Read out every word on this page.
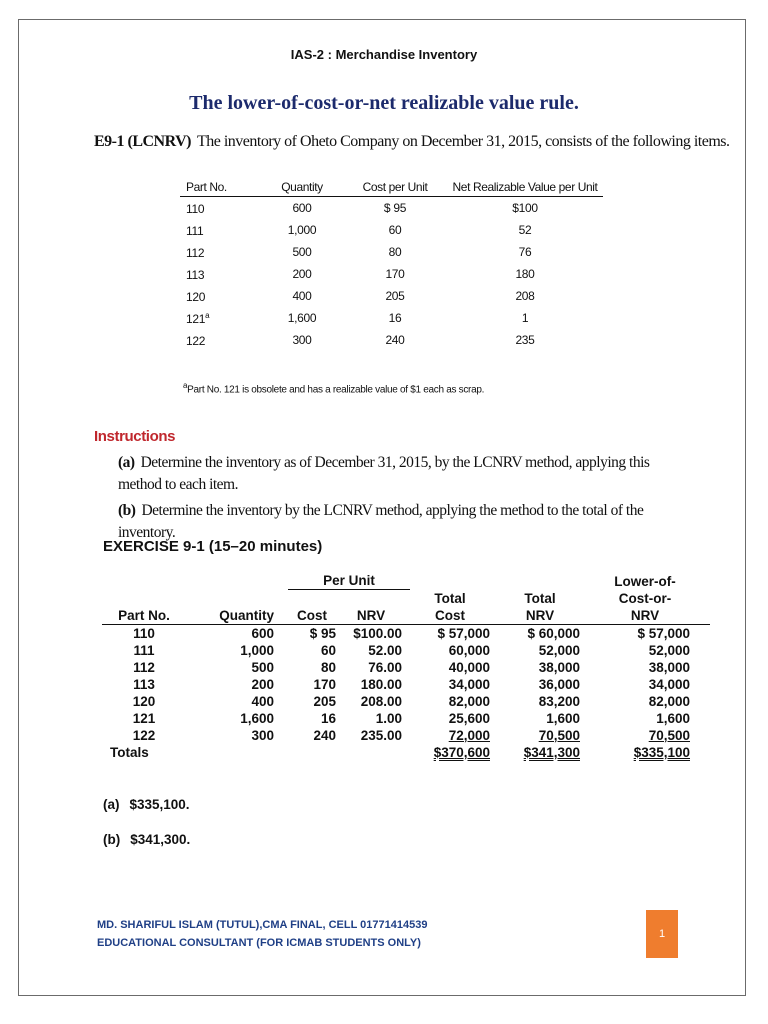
IAS-2 : Merchandise Inventory
The lower-of-cost-or-net realizable value rule.
E9-1 (LCNRV) The inventory of Oheto Company on December 31, 2015, consists of the following items.
Part No.	Quantity	Cost per Unit	Net Realizable Value per Unit
110	600	$ 95	$100
111	1,000	60	52
112	500	80	76
113	200	170	180
120	400	205	208
121$^a$	1,600	16	1
122	300	240	235
$^a$Part No. 121 is obsolete and has a realizable value of $1 each as scrap.
Instructions
(a) Determine the inventory as of December 31, 2015, by the LCNRV method, applying this method to each item.
(b) Determine the inventory by the LCNRV method, applying the method to the total of the inventory.
EXERCISE 9-1 (15–20 minutes)
		Per Unit				Lower-of-
				Total	Total	Cost-or-
Part No.	Quantity	Cost	NRV	Cost	NRV	NRV
110	600	$ 95	$100.00	$ 57,000	$ 60,000	$ 57,000
111	1,000	60	52.00	60,000	52,000	52,000
112	500	80	76.00	40,000	38,000	38,000
113	200	170	180.00	34,000	36,000	34,000
120	400	205	208.00	82,000	83,200	82,000
121	1,600	16	1.00	25,600	1,600	1,600
122	300	240	235.00	72,000	70,500	70,500
Totals				$370,600	$341,300	$335,100
(a) $335,100.
(b) $341,300.
MD. SHARIFUL ISLAM (TUTUL),CMA FINAL, CELL 01771414539
EDUCATIONAL CONSULTANT (FOR ICMAB STUDENTS ONLY)
1
